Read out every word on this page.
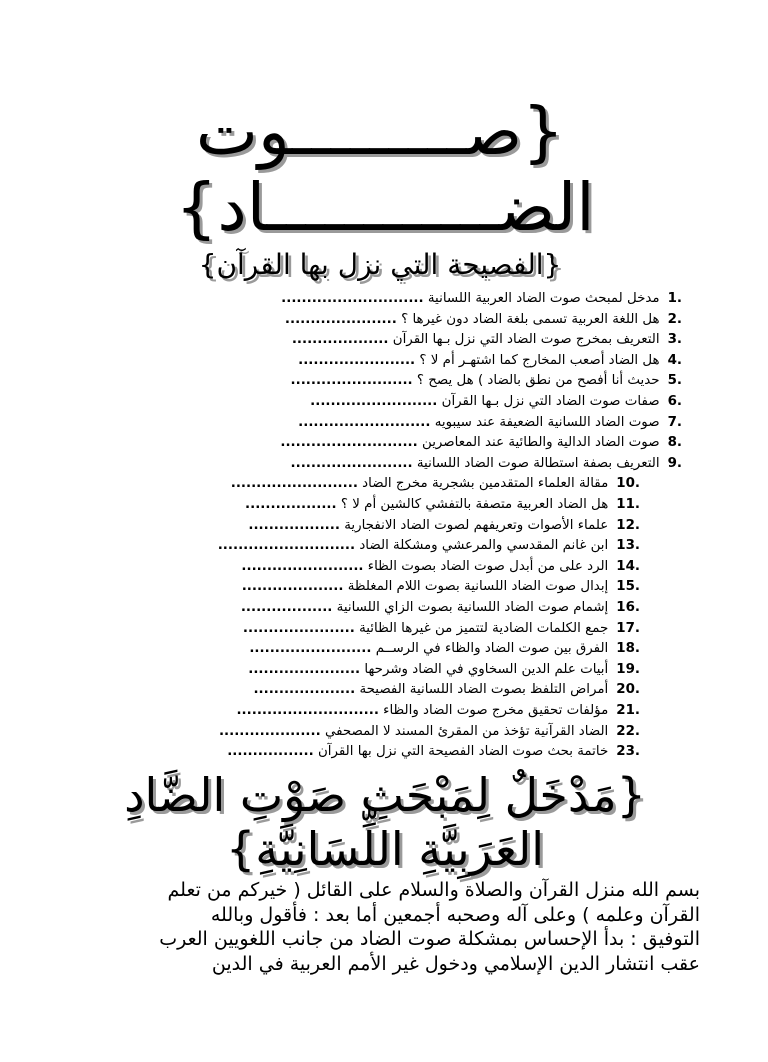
{صـــــــــوت
الضــــــــــــاد}
{الفصيحة التي نزل بها القرآن}
1.مدخل لمبحث صوت الضاد العربية اللسانية ............................
2.هل اللغة العربية تسمى بلغة الضاد دون غيرها ؟ ......................
3.التعريف بمخرج صوت الضاد التي نزل بـها القرآن ...................
4.هل الضاد أصعب المخارج كما اشتهـر أم لا ؟ .......................
5.حديث أنا أفصح من نطق بالضاد ) هل يصح ؟ ........................
6.صفات صوت الضاد التي نزل بـها القرآن .........................
7.صوت الضاد اللسانية الضعيفة عند سيبويه ..........................
8.صوت الضاد الدالية والطائية عند المعاصرين ...........................
9.التعريف بصفة استطالة صوت الضاد اللسانية ........................
10.مقالة العلماء المتقدمين بشجرية مخرج الضاد .........................
11.هل الضاد العربية متصفة بالتفشي كالشين أم لا ؟ ..................
12.علماء الأصوات وتعريفهم لصوت الضاد الانفجارية ..................
13.ابن غانم المقدسي والمرعشي ومشكلة الضاد ...........................
14.الرد على من أبدل صوت الضاد بصوت الظاء ........................
15.إبدال صوت الضاد اللسانية بصوت اللام المغلظة ....................
16.إشمام صوت الضاد اللسانية بصوت الزاي اللسانية ..................
17.جمع الكلمات الضادية لتتميز من غيرها الظائية ......................
18.الفرق بين صوت الضاد والظاء في الرســم ........................
19.أبيات علم الدين السخاوي في الضاد وشرحها ......................
20.أمراض التلفظ بصوت الضاد اللسانية الفصيحة ....................
21.مؤلفات تحقيق مخرج صوت الضاد والظاء ............................
22.الضاد القرآنية تؤخذ من المقرئ المسند لا المصحفي ....................
23.خاتمة بحث صوت الضاد الفصيحة التي نزل بها القرآن .................
{مَدْخَلٌ لِمَبْحَثِ صَوْتِ الضَّادِ
العَرَبِيَّةِ اللِّسَانِيَّةِ}

بسم الله منزل القرآن والصلاة والسلام على القائل ( خيركم من تعلم

القرآن وعلمه ) وعلى آله وصحبه أجمعين أما بعد : فأقول وبالله

التوفيق : بدأ الإحساس بمشكلة صوت الضاد من جانب اللغويين العرب

عقب انتشار الدين الإسلامي ودخول غير الأمم العربية في الدين
